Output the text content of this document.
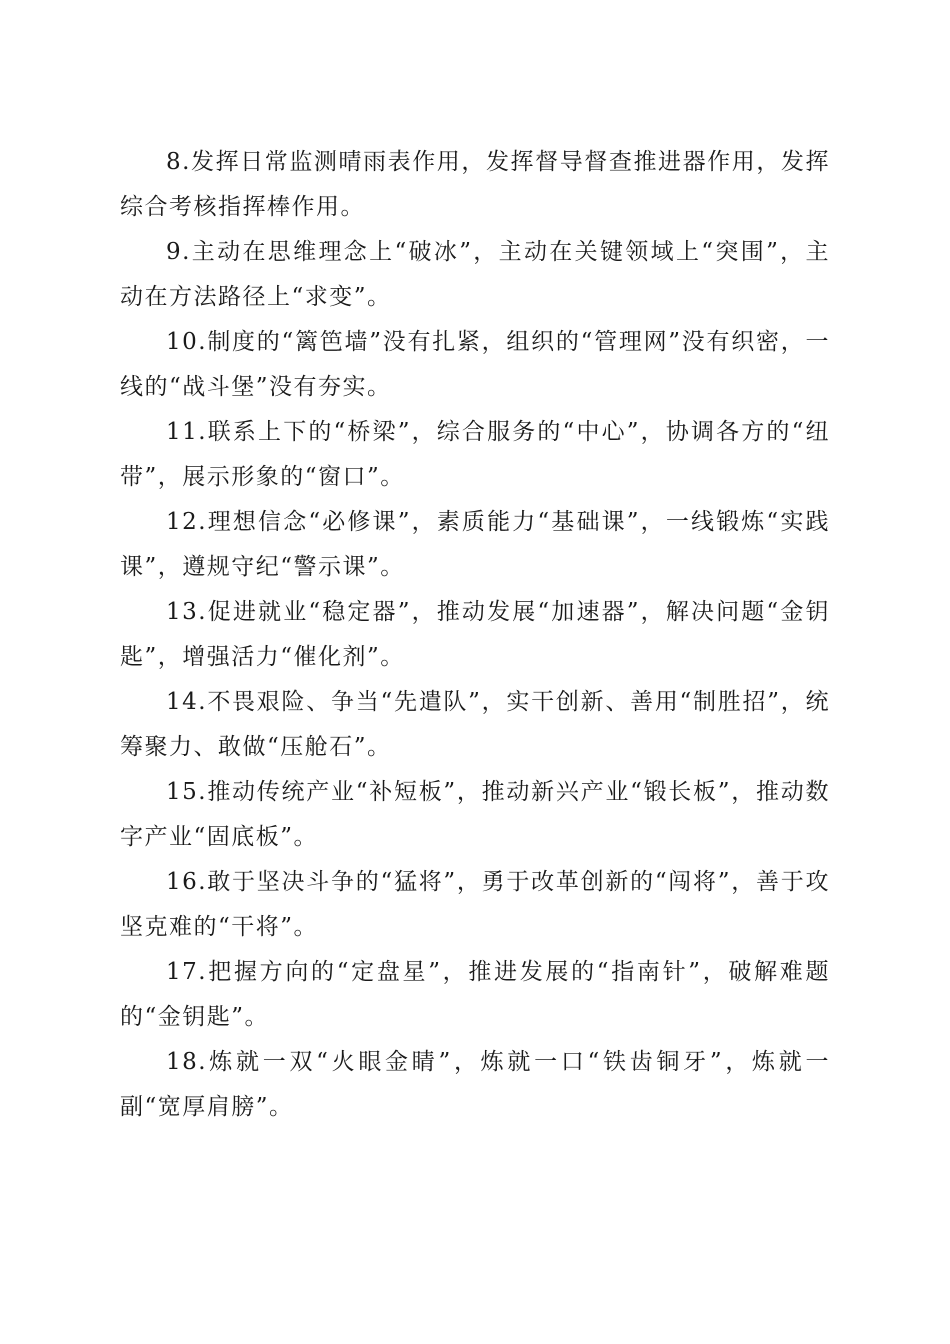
8.发挥日常监测晴雨表作用，发挥督导督查推进器作用，发挥综合考核指挥棒作用。

9.主动在思维理念上“破冰”，主动在关键领域上“突围”，主动在方法路径上“求变”。

10.制度的“篱笆墙”没有扎紧，组织的“管理网”没有织密，一线的“战斗堡”没有夯实。

11.联系上下的“桥梁”，综合服务的“中心”，协调各方的“纽带”，展示形象的“窗口”。

12.理想信念“必修课”，素质能力“基础课”，一线锻炼“实践课”，遵规守纪“警示课”。

13.促进就业“稳定器”，推动发展“加速器”，解决问题“金钥匙”，增强活力“催化剂”。

14.不畏艰险、争当“先遣队”，实干创新、善用“制胜招”，统筹聚力、敢做“压舱石”。

15.推动传统产业“补短板”，推动新兴产业“锻长板”，推动数字产业“固底板”。

16.敢于坚决斗争的“猛将”，勇于改革创新的“闯将”，善于攻坚克难的“干将”。

17.把握方向的“定盘星”，推进发展的“指南针”，破解难题的“金钥匙”。

18.炼就一双“火眼金睛”，炼就一口“铁齿铜牙”，炼就一副“宽厚肩膀”。
